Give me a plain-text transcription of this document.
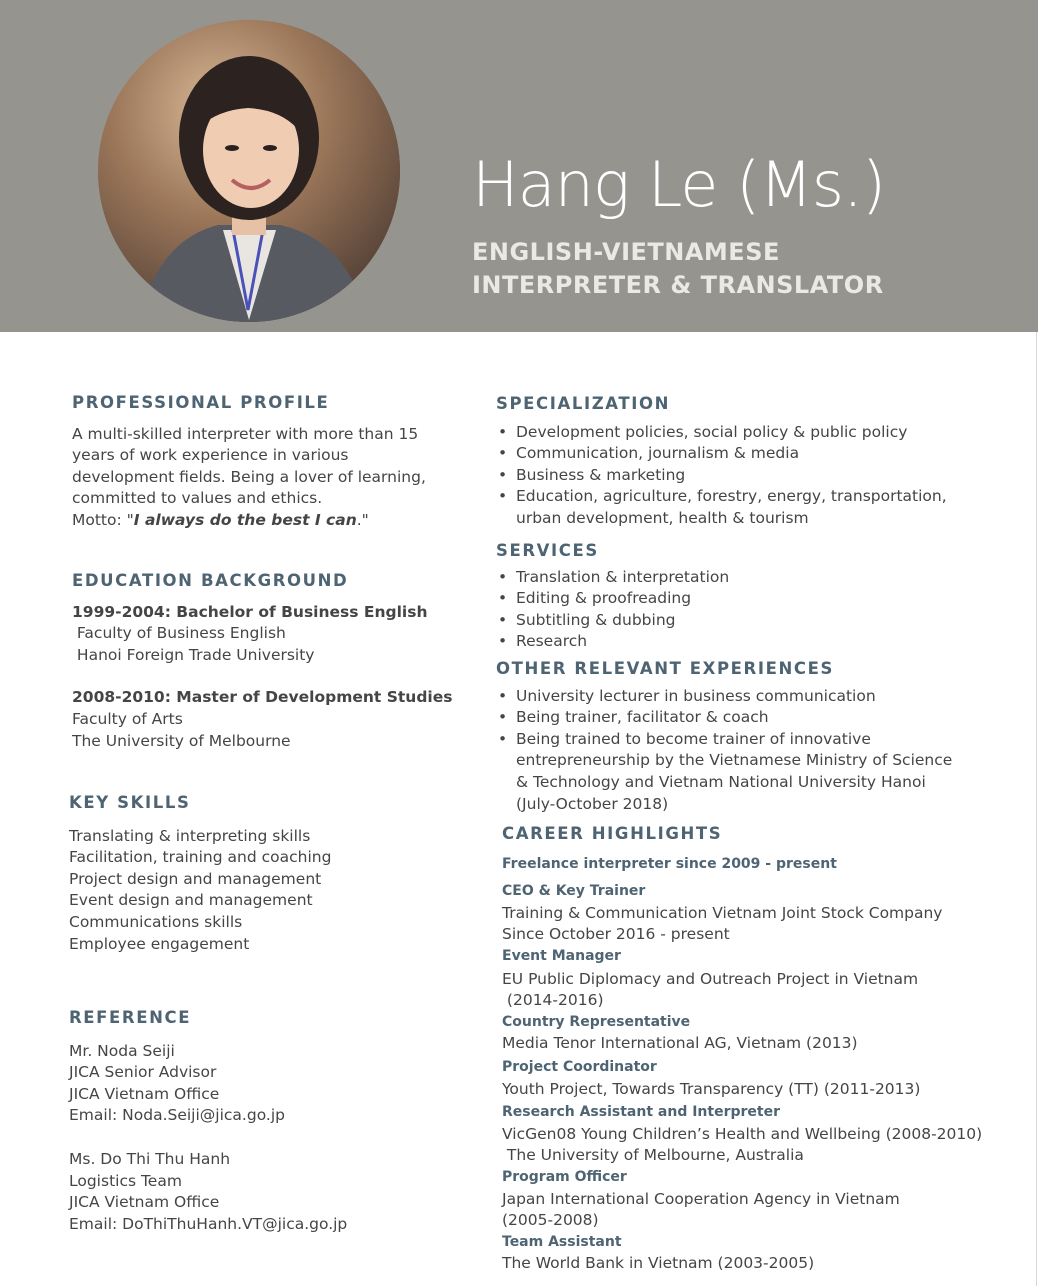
Hang Le (Ms.)
ENGLISH-VIETNAMESE
INTERPRETER & TRANSLATOR
PROFESSIONAL PROFILE
A multi-skilled interpreter with more than 15
years of work experience in various
development fields. Being a lover of learning,
committed to values and ethics.
Motto: "I always do the best I can."
EDUCATION BACKGROUND
1999-2004: Bachelor of Business English
Faculty of Business English
Hanoi Foreign Trade University
2008-2010: Master of Development Studies
Faculty of Arts
The University of Melbourne
KEY SKILLS
Translating & interpreting skills
Facilitation, training and coaching
Project design and management
Event design and management
Communications skills
Employee engagement
REFERENCE
Mr. Noda Seiji
JICA Senior Advisor
JICA Vietnam Office
Email: Noda.Seiji@jica.go.jp
Ms. Do Thi Thu Hanh
Logistics Team
JICA Vietnam Office
Email: DoThiThuHanh.VT@jica.go.jp
SPECIALIZATION
• Development policies, social policy & public policy
• Communication, journalism & media
• Business & marketing
• Education, agriculture, forestry, energy, transportation,
urban development, health & tourism
SERVICES
• Translation & interpretation
• Editing & proofreading
• Subtitling & dubbing
• Research
OTHER RELEVANT EXPERIENCES
• University lecturer in business communication
• Being trainer, facilitator & coach
• Being trained to become trainer of innovative
entrepreneurship by the Vietnamese Ministry of Science
& Technology and Vietnam National University Hanoi
(July-October 2018)
CAREER HIGHLIGHTS
Freelance interpreter since 2009 - present
CEO & Key Trainer
Training & Communication Vietnam Joint Stock Company
Since October 2016 - present
Event Manager
EU Public Diplomacy and Outreach Project in Vietnam
(2014-2016)
Country Representative
Media Tenor International AG, Vietnam (2013)
Project Coordinator
Youth Project, Towards Transparency (TT) (2011-2013)
Research Assistant and Interpreter
VicGen08 Young Children’s Health and Wellbeing (2008-2010)
The University of Melbourne, Australia
Program Officer
Japan International Cooperation Agency in Vietnam
(2005-2008)
Team Assistant
The World Bank in Vietnam (2003-2005)
